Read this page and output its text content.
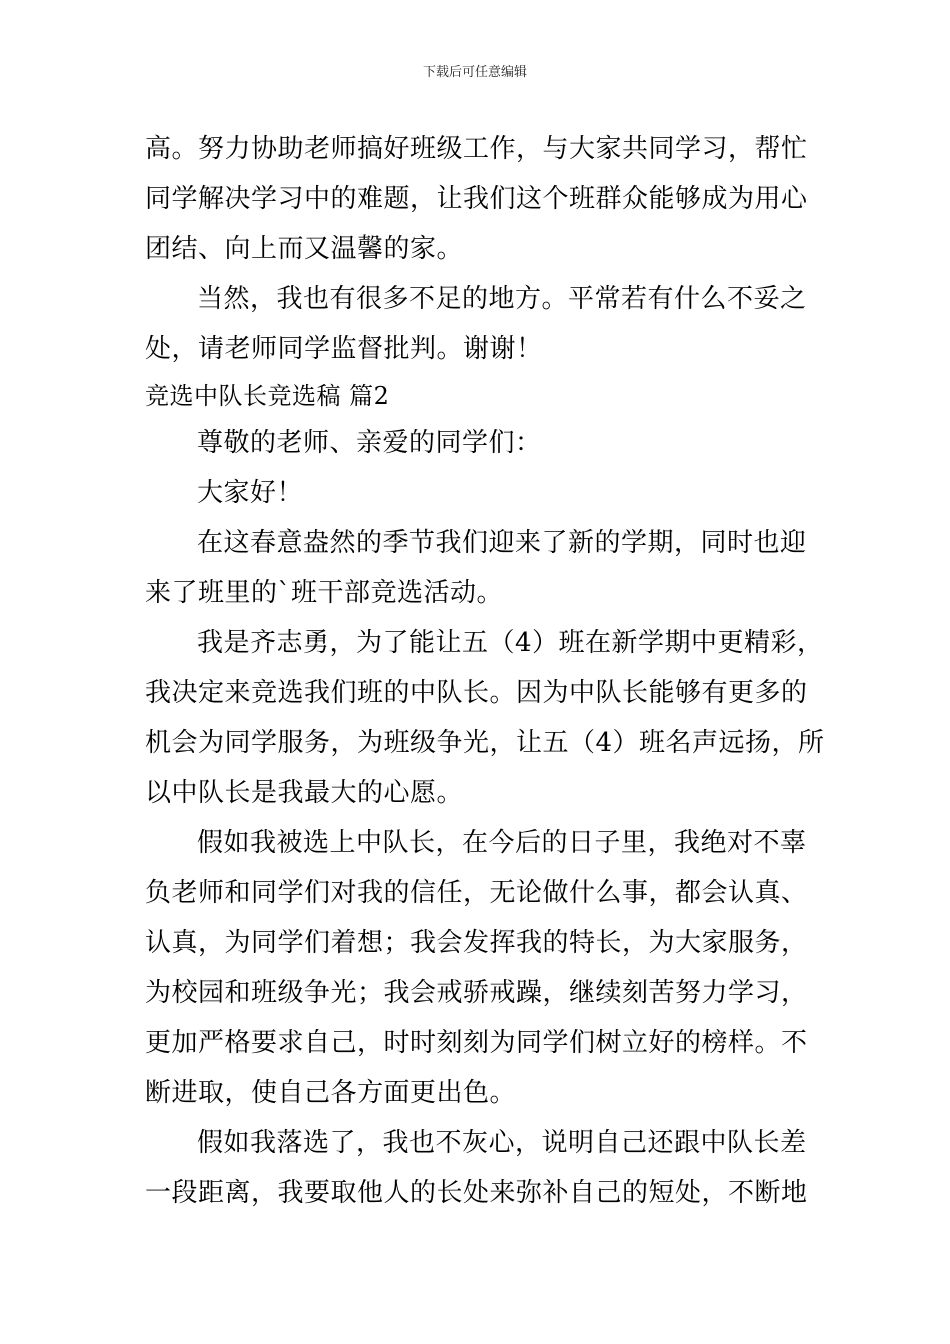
下载后可任意编辑
高。努力协助老师搞好班级工作，与大家共同学习，帮忙
同学解决学习中的难题，让我们这个班群众能够成为用心
团结、向上而又温馨的家。
当然，我也有很多不足的地方。平常若有什么不妥之
处，请老师同学监督批判。谢谢！
竞选中队长竞选稿 篇2
尊敬的老师、亲爱的同学们：
大家好！
在这春意盎然的季节我们迎来了新的学期，同时也迎
来了班里的`班干部竞选活动。
我是齐志勇，为了能让五（4）班在新学期中更精彩，
我决定来竞选我们班的中队长。因为中队长能够有更多的
机会为同学服务，为班级争光，让五（4）班名声远扬，所
以中队长是我最大的心愿。
假如我被选上中队长，在今后的日子里，我绝对不辜
负老师和同学们对我的信任，无论做什么事，都会认真、
认真，为同学们着想；我会发挥我的特长，为大家服务，
为校园和班级争光；我会戒骄戒躁，继续刻苦努力学习，
更加严格要求自己，时时刻刻为同学们树立好的榜样。不
断进取，使自己各方面更出色。
假如我落选了，我也不灰心，说明自己还跟中队长差
一段距离，我要取他人的长处来弥补自己的短处，不断地
